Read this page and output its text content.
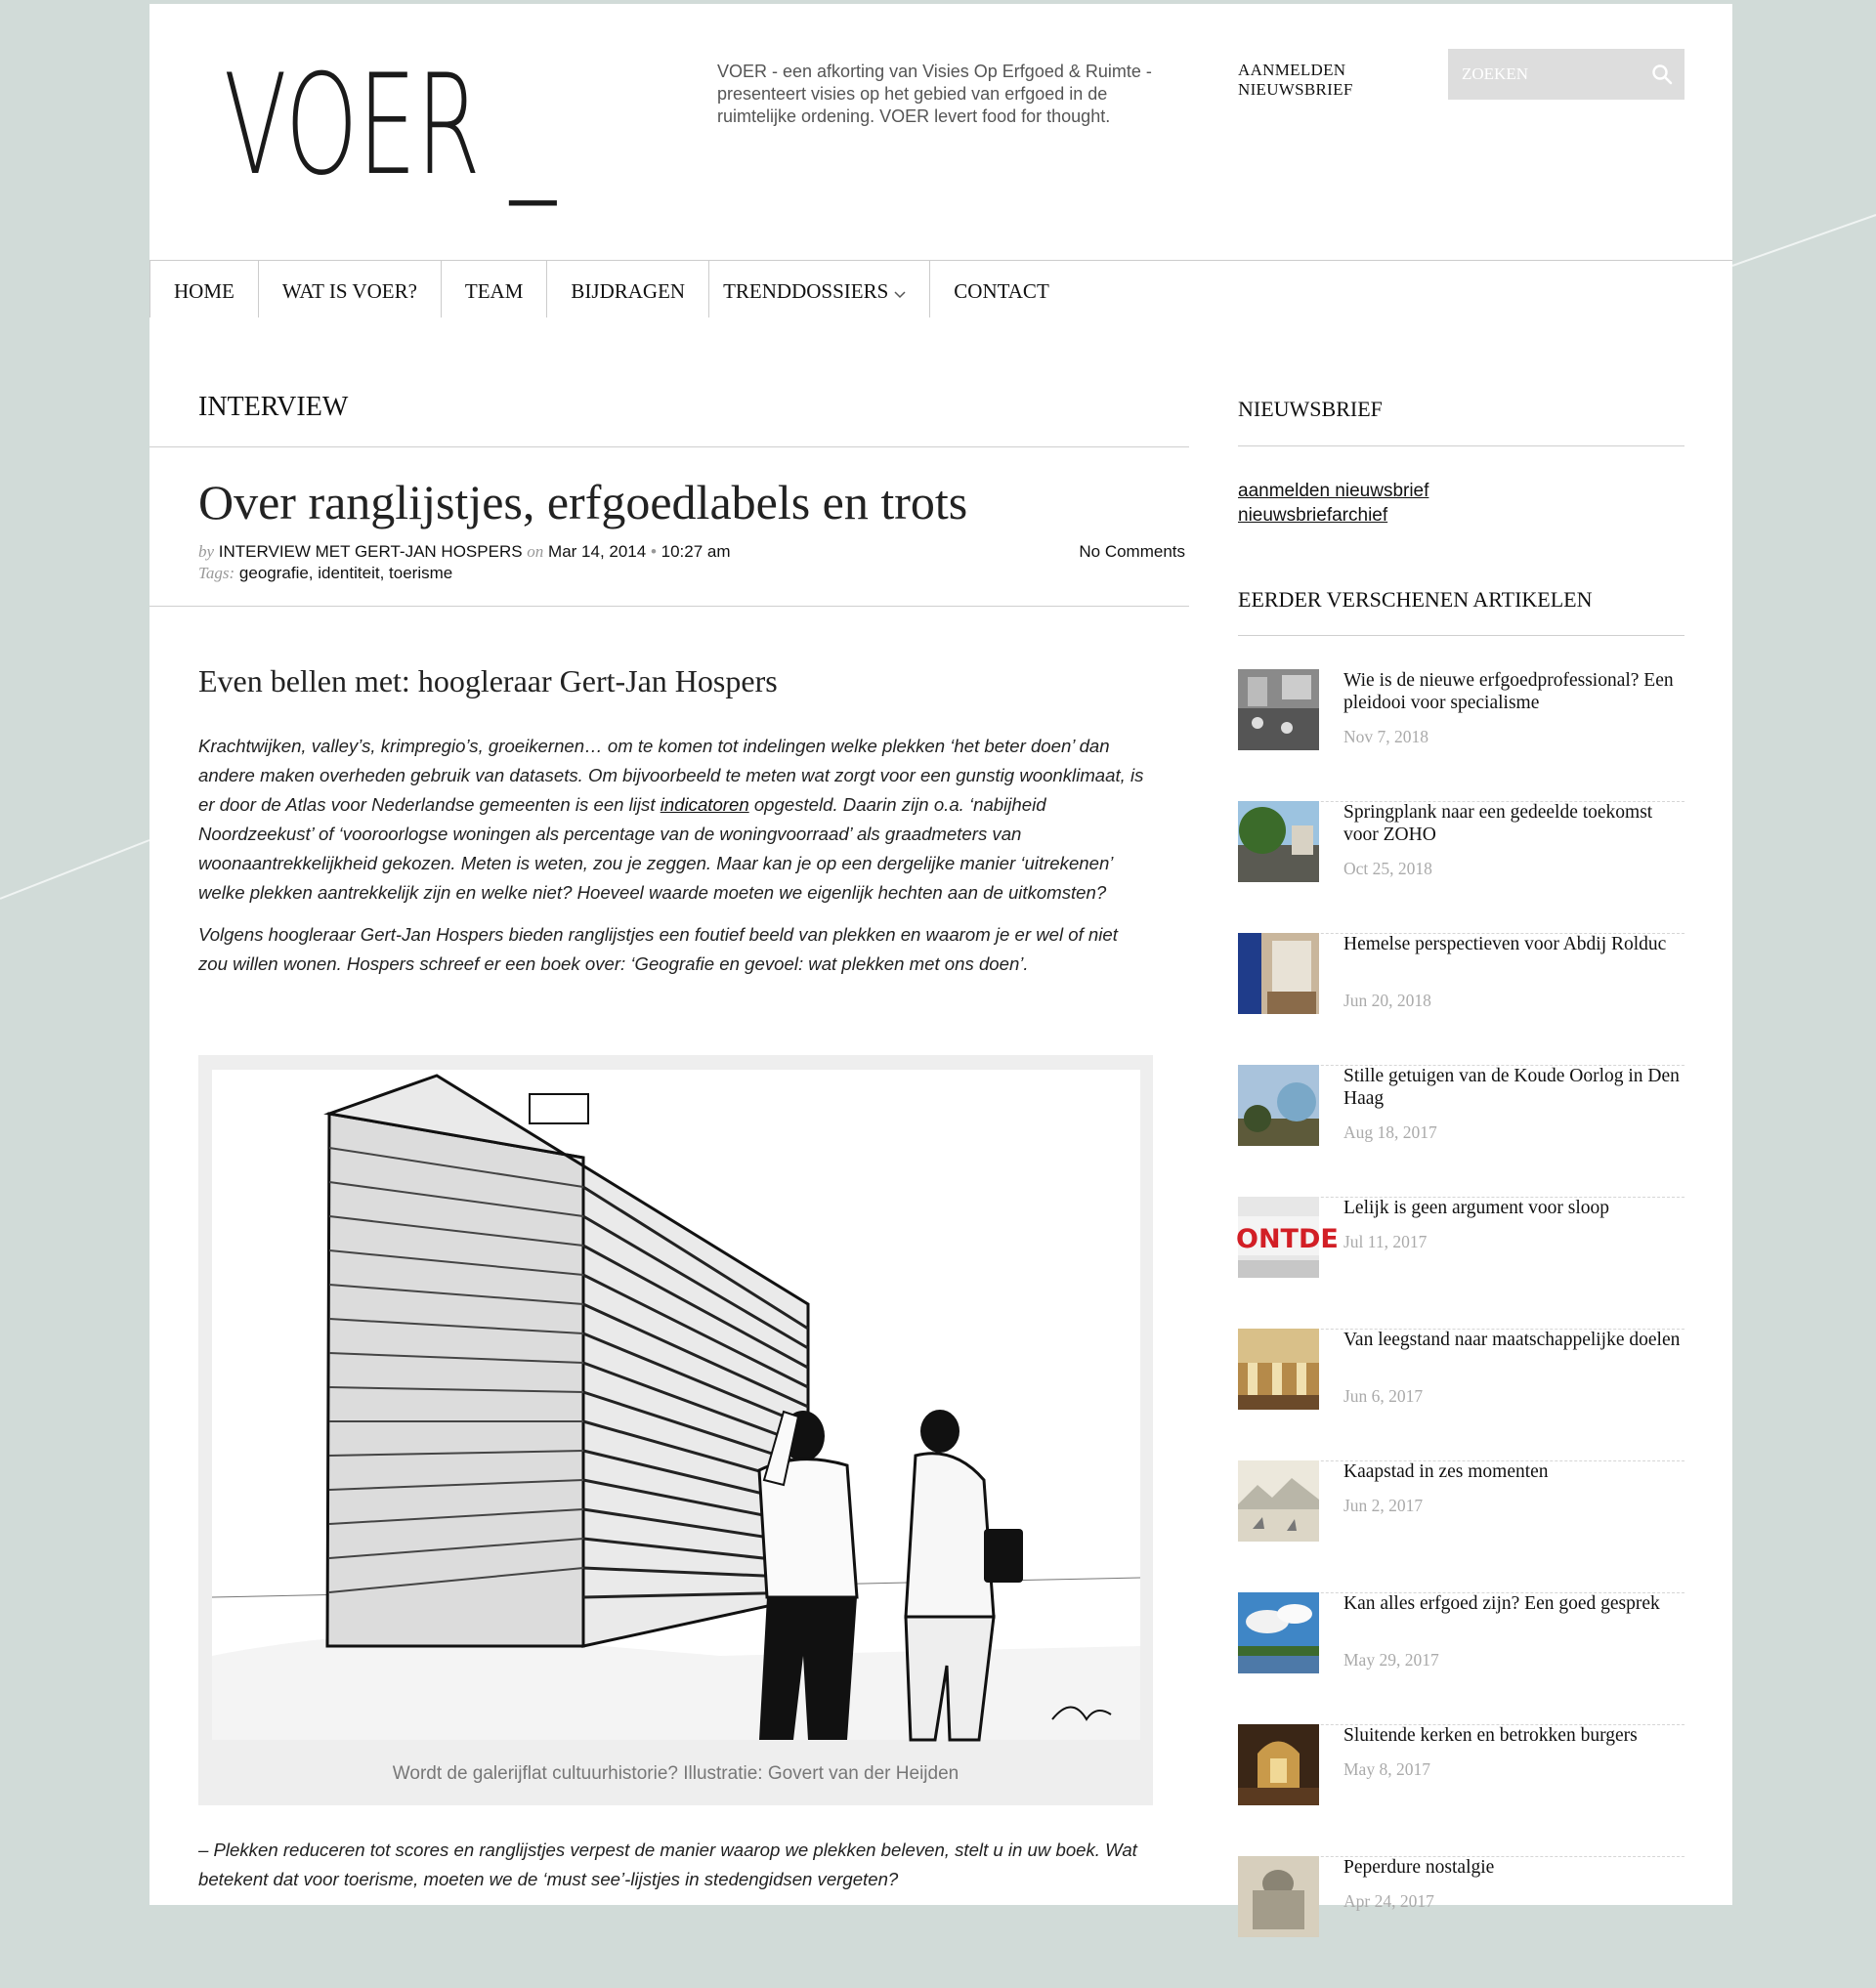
VOER _	VOER - een afkorting van Visies Op Erfgoed & Ruimte - presenteert visies op het gebied van erfgoed in de ruimtelijke ordening. VOER levert food for thought.
AANMELDEN NIEUWSBRIEF
ZOEKEN
HOME WAT IS VOER? TEAM BIJDRAGEN TRENDDOSSIERS	CONTACT
INTERVIEW
Over ranglijstjes, erfgoedlabels en trots
by INTERVIEW MET GERT-JAN HOSPERS on Mar 14, 2014 • 10:27 am
Tags: geografie, identiteit, toerisme
No Comments
Even bellen met: hoogleraar Gert-Jan Hospers

Krachtwijken, valley’s, krimpregio’s, groeikernen… om te komen tot indelingen welke plekken ‘het beter doen’ dan andere maken overheden gebruik van datasets. Om bijvoorbeeld te meten wat zorgt voor een gunstig woonklimaat, is er door de Atlas voor Nederlandse gemeenten is een lijst indicatoren opgesteld. Daarin zijn o.a. ‘nabijheid Noordzeekust’ of ‘vooroorlogse woningen als percentage van de woningvoorraad’ als graadmeters van woonaantrekkelijkheid gekozen. Meten is weten, zou je zeggen. Maar kan je op een dergelijke manier ‘uitrekenen’ welke plekken aantrekkelijk zijn en welke niet? Hoeveel waarde moeten we eigenlijk hechten aan de uitkomsten?

Volgens hoogleraar Gert-Jan Hospers bieden ranglijstjes een foutief beeld van plekken en waarom je er wel of niet zou willen wonen. Hospers schreef er een boek over: ‘Geografie en gevoel: wat plekken met ons doen’.

Wordt de galerijflat cultuurhistorie? Illustratie: Govert van der Heijden
– Plekken reduceren tot scores en ranglijstjes verpest de manier waarop we plekken beleven, stelt u in uw boek. Wat betekent dat voor toerisme, moeten we de ‘must see’-lijstjes in stedengidsen vergeten?
NIEUWSBRIEF
aanmelden nieuwsbrief
nieuwsbriefarchief
EERDER VERSCHENEN ARTIKELEN
Wie is de nieuwe erfgoedprofessional? Een pleidooi voor specialisme
Nov 7, 2018
Springplank naar een gedeelde toekomst voor ZOHO
Oct 25, 2018
Hemelse perspectieven voor Abdij Rolduc
Jun 20, 2018
Stille getuigen van de Koude Oorlog in Den Haag
Aug 18, 2017
ONTDE
Lelijk is geen argument voor sloop
Jul 11, 2017
Van leegstand naar maatschappelijke doelen
Jun 6, 2017
Kaapstad in zes momenten
Jun 2, 2017
Kan alles erfgoed zijn? Een goed gesprek
May 29, 2017
Sluitende kerken en betrokken burgers
May 8, 2017
Peperdure nostalgie
Apr 24, 2017
